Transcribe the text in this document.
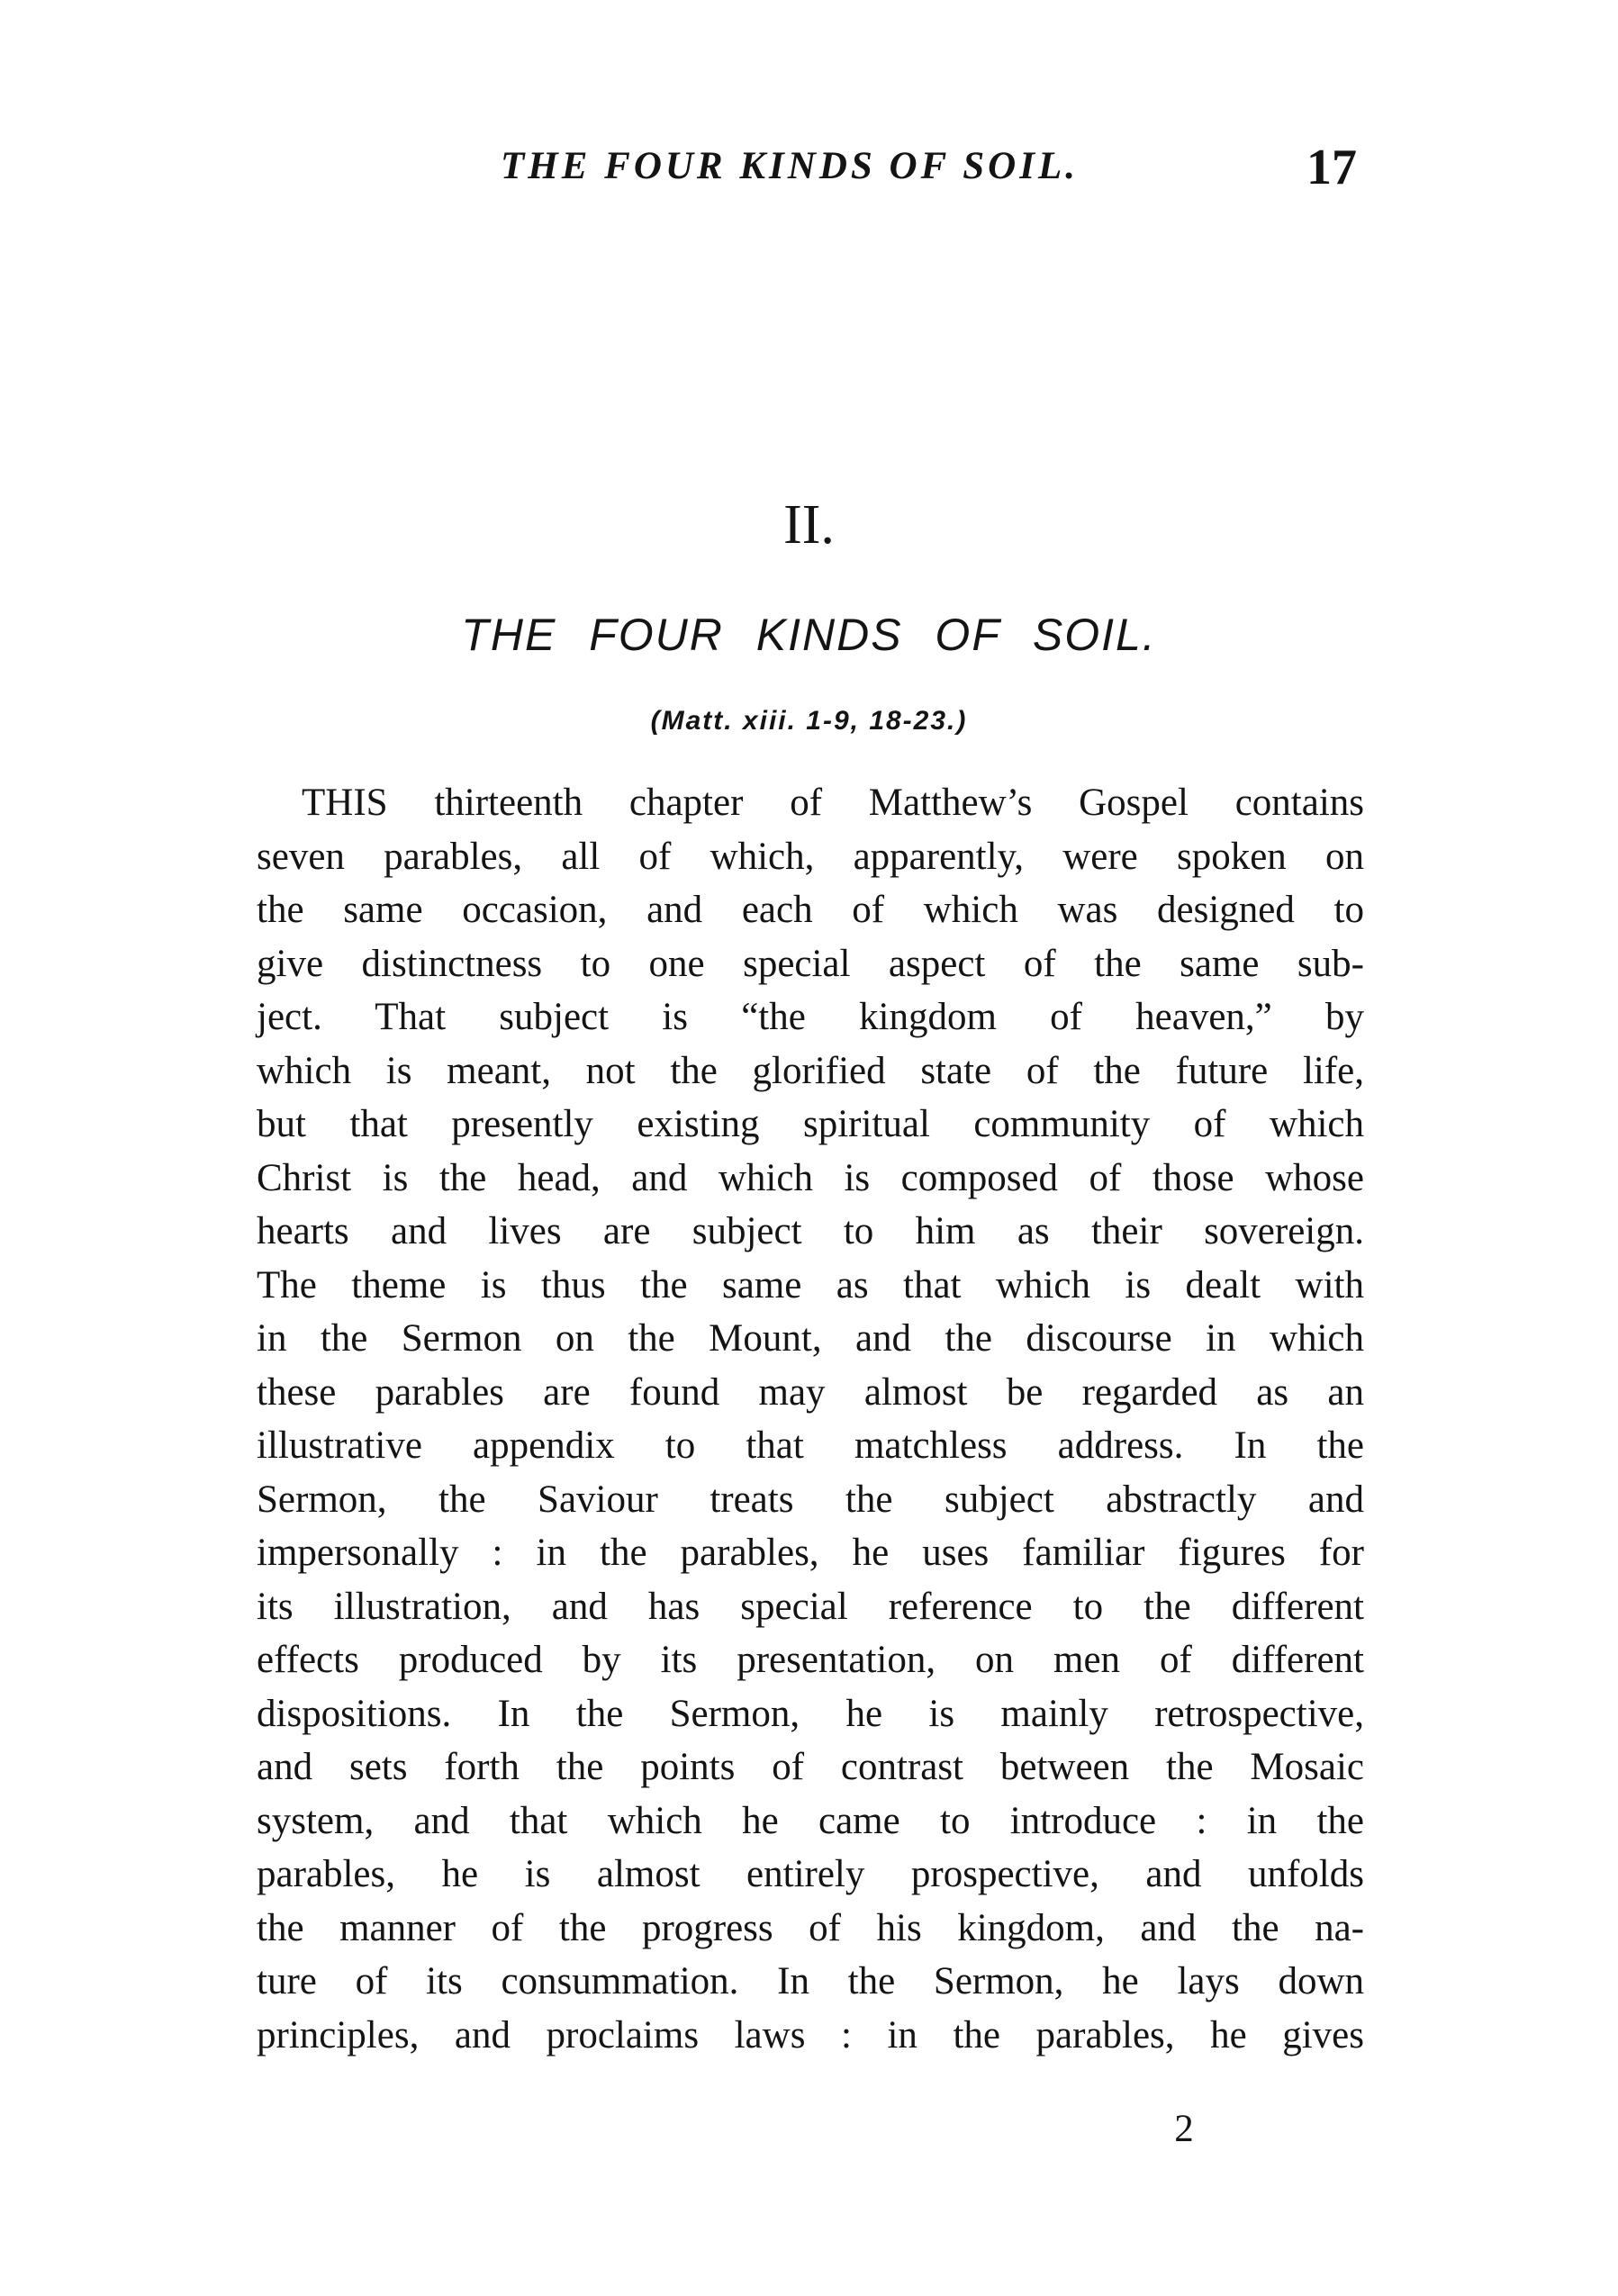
THE FOUR KINDS OF SOIL.	17
II.
THE FOUR KINDS OF SOIL.
(Matt. xiii. 1-9, 18-23.)
THIS thirteenth chapter of Matthew’s Gospel contains
seven parables, all of which, apparently, were spoken on
the same occasion, and each of which was designed to
give distinctness to one special aspect of the same sub-
ject. That subject is “the kingdom of heaven,” by
which is meant, not the glorified state of the future life,
but that presently existing spiritual community of which
Christ is the head, and which is composed of those whose
hearts and lives are subject to him as their sovereign.
The theme is thus the same as that which is dealt with
in the Sermon on the Mount, and the discourse in which
these parables are found may almost be regarded as an
illustrative appendix to that matchless address. In the
Sermon, the Saviour treats the subject abstractly and
impersonally : in the parables, he uses familiar figures for
its illustration, and has special reference to the different
effects produced by its presentation, on men of different
dispositions. In the Sermon, he is mainly retrospective,
and sets forth the points of contrast between the Mosaic
system, and that which he came to introduce : in the
parables, he is almost entirely prospective, and unfolds
the manner of the progress of his kingdom, and the na-
ture of its consummation. In the Sermon, he lays down
principles, and proclaims laws : in the parables, he gives
2
